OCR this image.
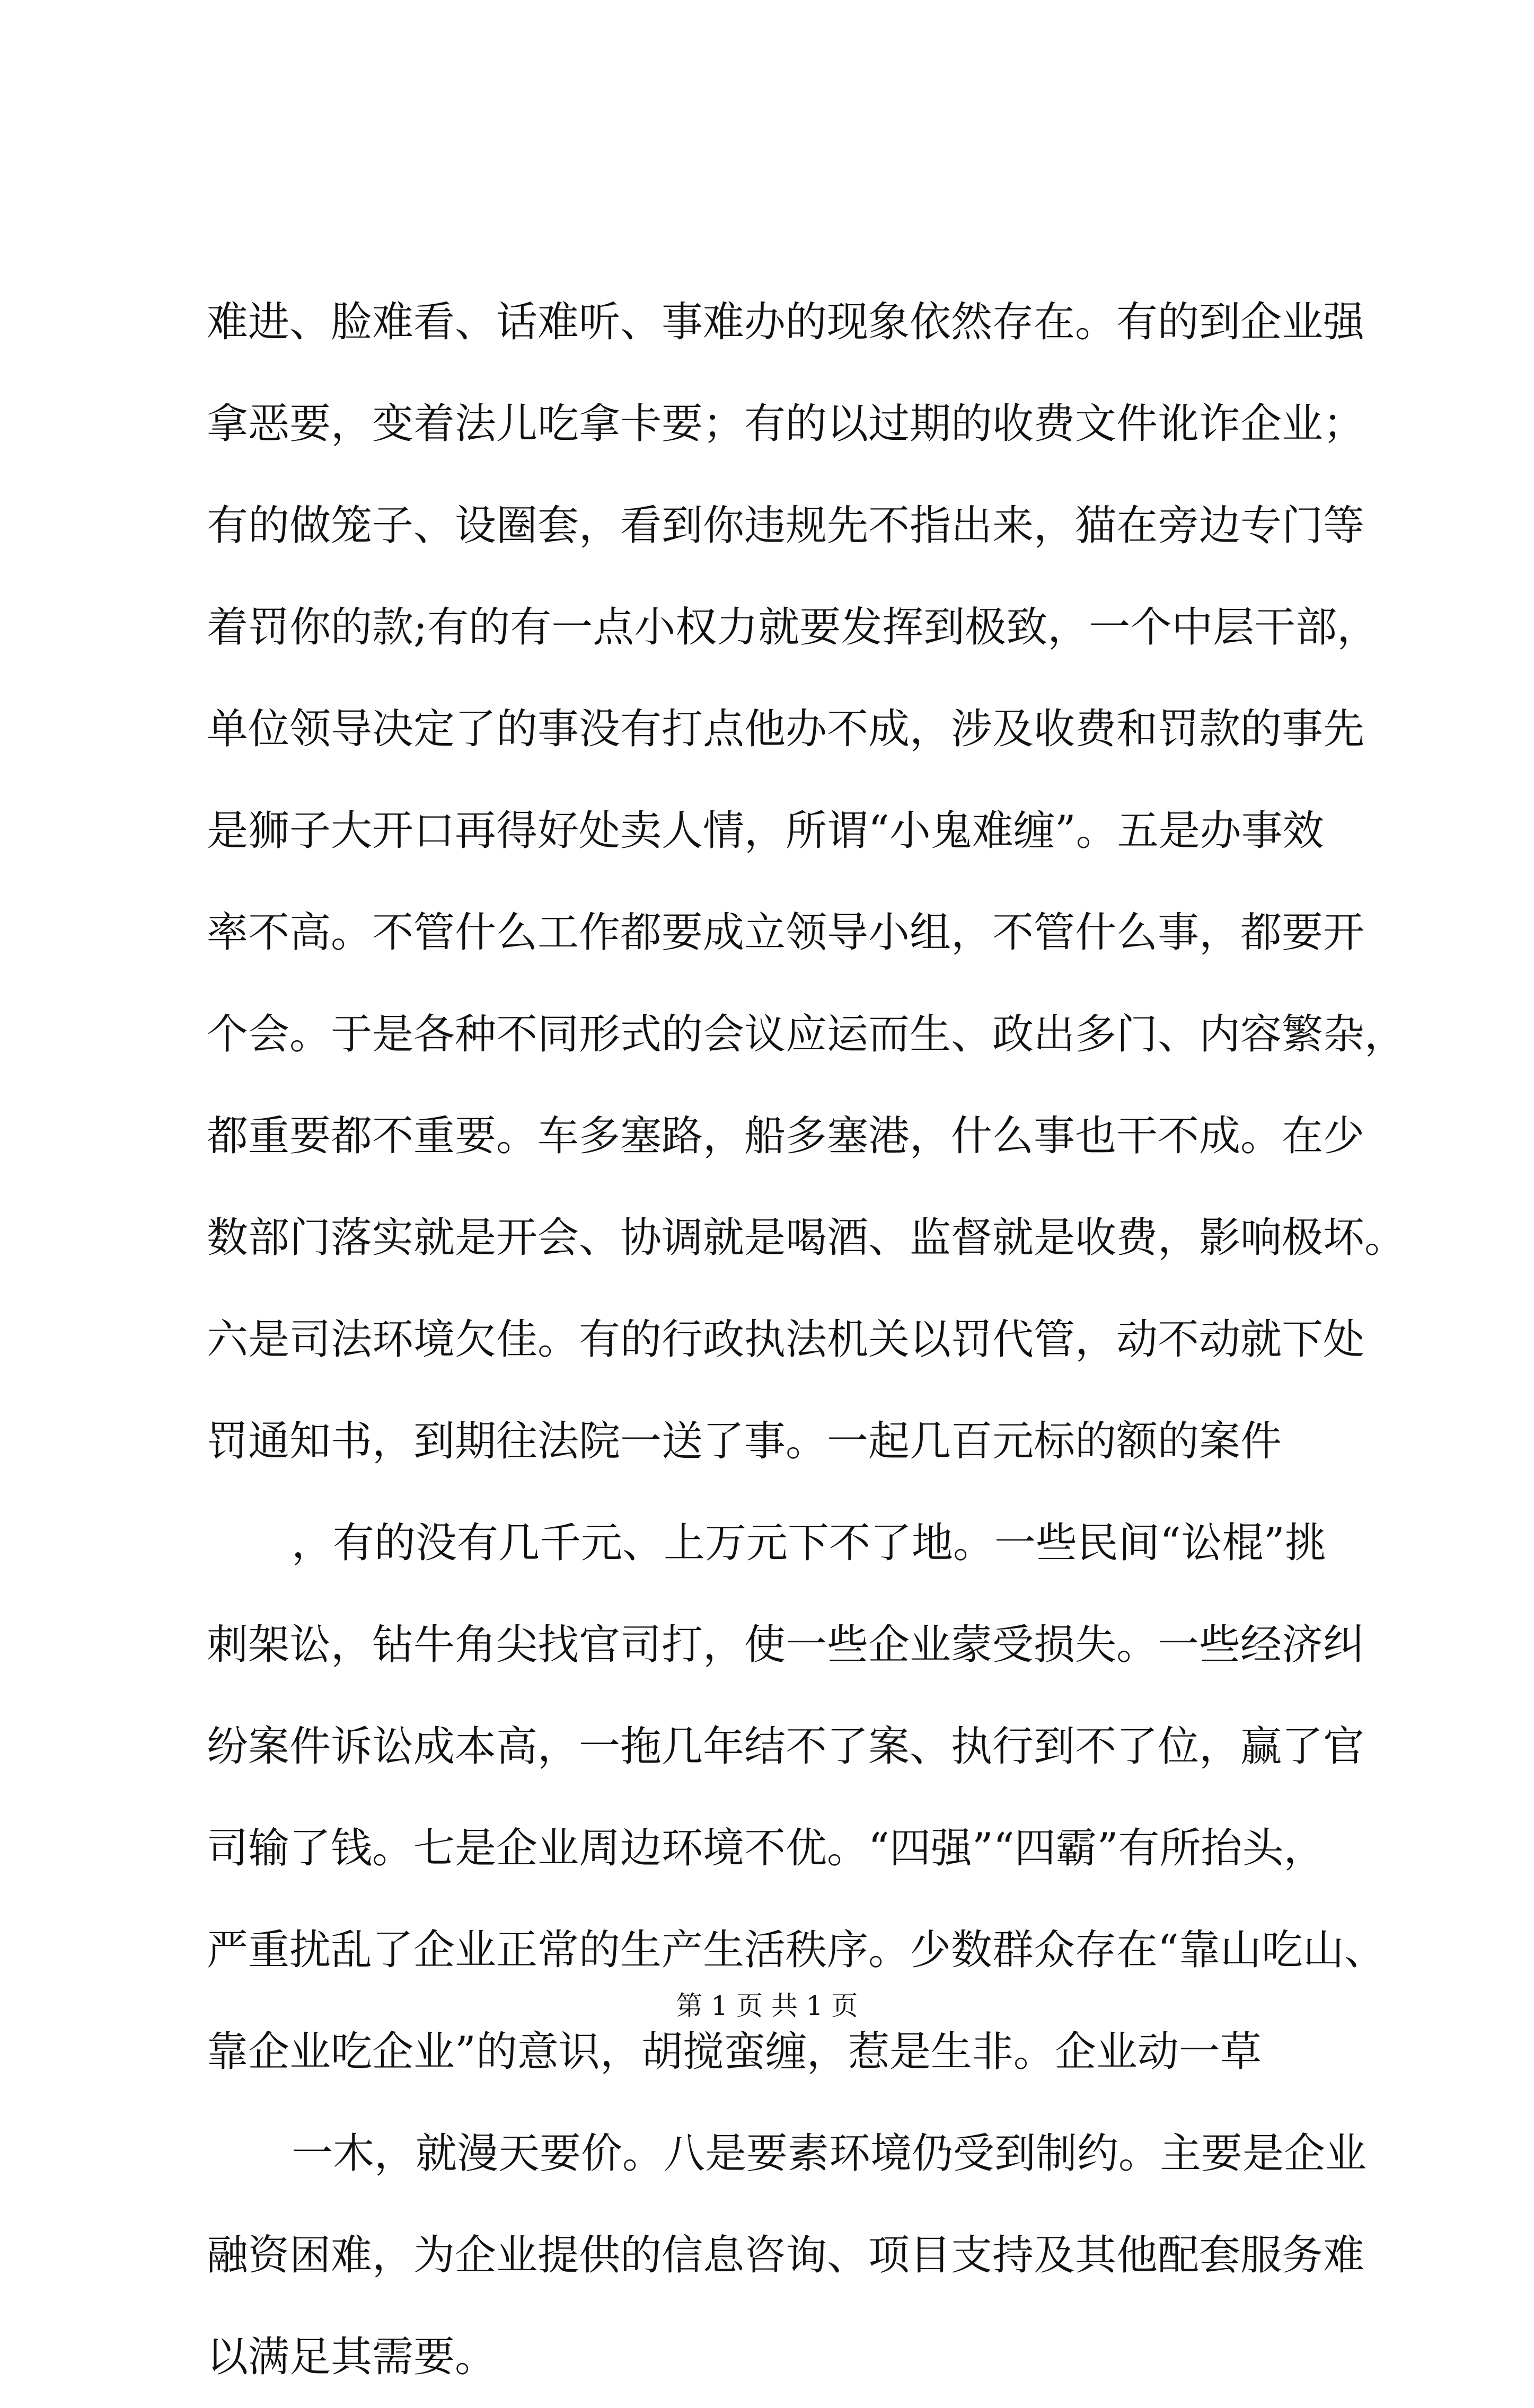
难进、脸难看、话难听、事难办的现象依然存在。有的到企业强
拿恶要，变着法儿吃拿卡要；有的以过期的收费文件讹诈企业；
有的做笼子、设圈套，看到你违规先不指出来，猫在旁边专门等
着罚你的款;有的有一点小权力就要发挥到极致，一个中层干部，
单位领导决定了的事没有打点他办不成，涉及收费和罚款的事先
是狮子大开口再得好处卖人情，所谓“小鬼难缠”。五是办事效
率不高。不管什么工作都要成立领导小组，不管什么事，都要开
个会。于是各种不同形式的会议应运而生、政出多门、内容繁杂，
都重要都不重要。车多塞路，船多塞港，什么事也干不成。在少
数部门落实就是开会、协调就是喝酒、监督就是收费，影响极坏。
六是司法环境欠佳。有的行政执法机关以罚代管，动不动就下处
罚通知书，到期往法院一送了事。一起几百元标的额的案件
，有的没有几千元、上万元下不了地。一些民间“讼棍”挑
刺架讼，钻牛角尖找官司打，使一些企业蒙受损失。一些经济纠
纷案件诉讼成本高，一拖几年结不了案、执行到不了位，赢了官
司输了钱。七是企业周边环境不优。“四强”“四霸”有所抬头，
严重扰乱了企业正常的生产生活秩序。少数群众存在“靠山吃山、
靠企业吃企业”的意识，胡搅蛮缠，惹是生非。企业动一草
一木，就漫天要价。八是要素环境仍受到制约。主要是企业
融资困难，为企业提供的信息咨询、项目支持及其他配套服务难
以满足其需要。
第 1 页 共 1 页
